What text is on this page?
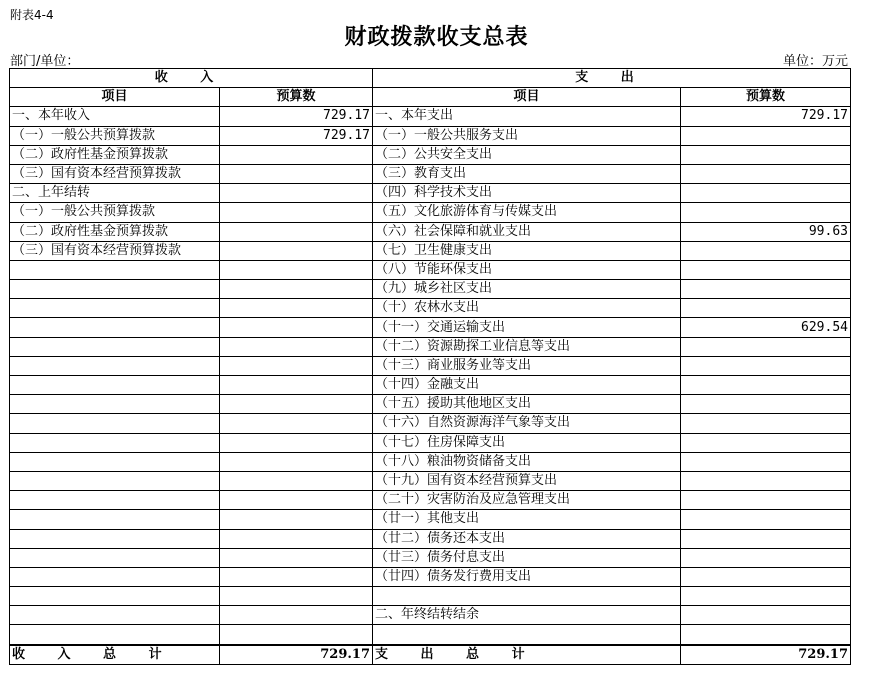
附表4-4
财政拨款收支总表
部门/单位：	单位：万元
收 入		支 出	
项目	预算数	项目	预算数
一、本年收入	729.17	一、本年支出	729.17
（一）一般公共预算拨款	729.17	（一）一般公共服务支出	
（二）政府性基金预算拨款		（二）公共安全支出	
（三）国有资本经营预算拨款		（三）教育支出	
二、上年结转		（四）科学技术支出	
（一）一般公共预算拨款		（五）文化旅游体育与传媒支出	
（二）政府性基金预算拨款		（六）社会保障和就业支出	99.63
（三）国有资本经营预算拨款		（七）卫生健康支出	
		（八）节能环保支出	
		（九）城乡社区支出	
		（十）农林水支出	
		（十一）交通运输支出	629.54
		（十二）资源勘探工业信息等支出	
		（十三）商业服务业等支出	
		（十四）金融支出	
		（十五）援助其他地区支出	
		（十六）自然资源海洋气象等支出	
		（十七）住房保障支出	
		（十八）粮油物资储备支出	
		（十九）国有资本经营预算支出	
		（二十）灾害防治及应急管理支出	
		（廿一）其他支出	
		（廿二）债务还本支出	
		（廿三）债务付息支出	
		（廿四）债务发行费用支出	

		二、年终结转结余	

收 入 总 计	729.17	支 出 总 计	729.17
